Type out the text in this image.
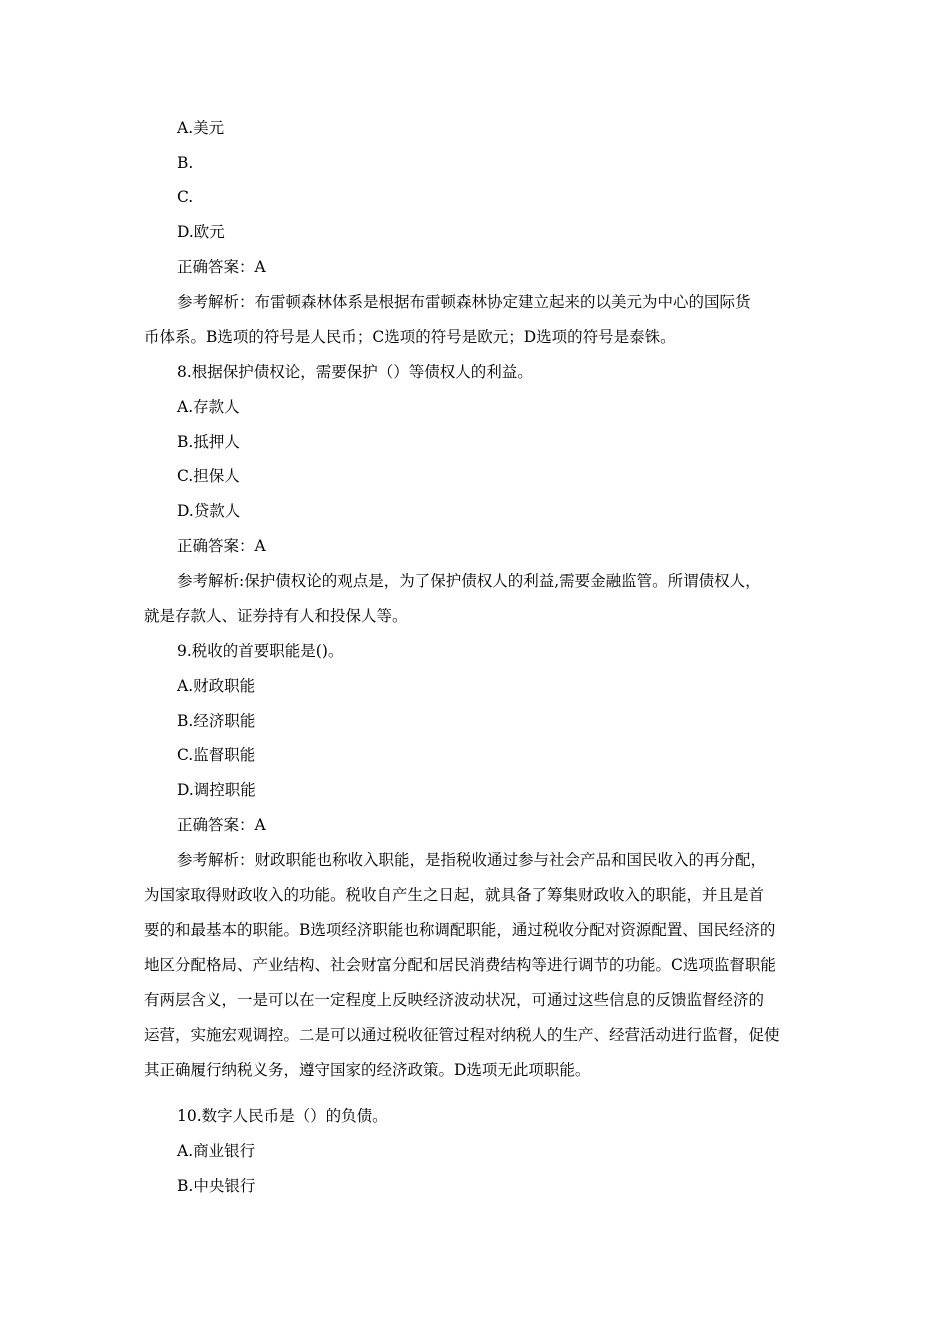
A.美元
B.
C.
D.欧元
正确答案：A
参考解析：布雷顿森林体系是根据布雷顿森林协定建立起来的以美元为中心的国际货
币体系。B选项的符号是人民币；C选项的符号是欧元；D选项的符号是泰铢。
8.根据保护债权论，需要保护（）等债权人的利益。
A.存款人
B.抵押人
C.担保人
D.贷款人
正确答案：A
参考解析:保护债权论的观点是，为了保护债权人的利益,需要金融监管。所谓债权人，
就是存款人、证券持有人和投保人等。
9.税收的首要职能是()。
A.财政职能
B.经济职能
C.监督职能
D.调控职能
正确答案：A
参考解析：财政职能也称收入职能，是指税收通过参与社会产品和国民收入的再分配，
为国家取得财政收入的功能。税收自产生之日起，就具备了筹集财政收入的职能，并且是首
要的和最基本的职能。B选项经济职能也称调配职能，通过税收分配对资源配置、国民经济的
地区分配格局、产业结构、社会财富分配和居民消费结构等进行调节的功能。C选项监督职能
有两层含义，一是可以在一定程度上反映经济波动状况，可通过这些信息的反馈监督经济的
运营，实施宏观调控。二是可以通过税收征管过程对纳税人的生产、经营活动进行监督，促使
其正确履行纳税义务，遵守国家的经济政策。D选项无此项职能。
10.数字人民币是（）的负债。
A.商业银行
B.中央银行
